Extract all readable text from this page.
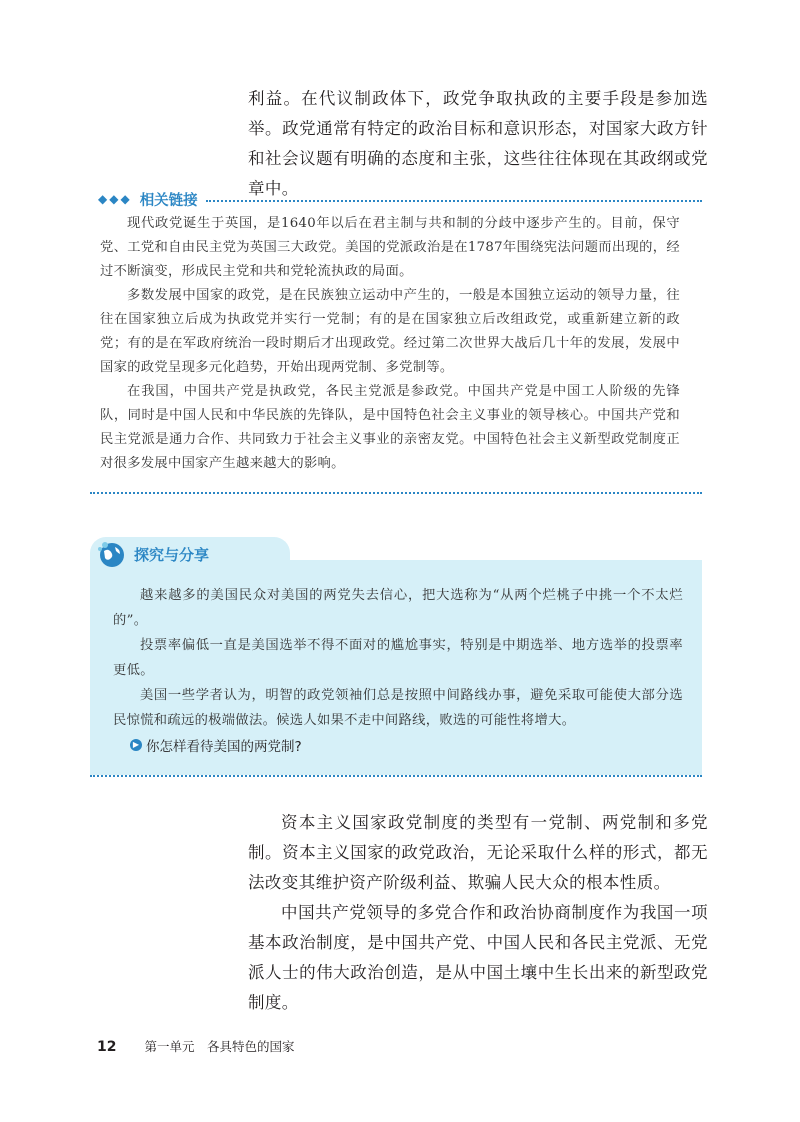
利益。在代议制政体下，政党争取执政的主要手段是参加选举。政党通常有特定的政治目标和意识形态，对国家大政方针和社会议题有明确的态度和主张，这些往往体现在其政纲或党章中。
◆◆◆ 相关链接

现代政党诞生于英国，是1640年以后在君主制与共和制的分歧中逐步产生的。目前，保守党、工党和自由民主党为英国三大政党。美国的党派政治是在1787年围绕宪法问题而出现的，经过不断演变，形成民主党和共和党轮流执政的局面。

多数发展中国家的政党，是在民族独立运动中产生的，一般是本国独立运动的领导力量，往往在国家独立后成为执政党并实行一党制；有的是在国家独立后改组政党，或重新建立新的政党；有的是在军政府统治一段时期后才出现政党。经过第二次世界大战后几十年的发展，发展中国家的政党呈现多元化趋势，开始出现两党制、多党制等。

在我国，中国共产党是执政党，各民主党派是参政党。中国共产党是中国工人阶级的先锋队，同时是中国人民和中华民族的先锋队，是中国特色社会主义事业的领导核心。中国共产党和民主党派是通力合作、共同致力于社会主义事业的亲密友党。中国特色社会主义新型政党制度正对很多发展中国家产生越来越大的影响。

探究与分享

越来越多的美国民众对美国的两党失去信心，把大选称为“从两个烂桃子中挑一个不太烂的”。

投票率偏低一直是美国选举不得不面对的尴尬事实，特别是中期选举、地方选举的投票率更低。

美国一些学者认为，明智的政党领袖们总是按照中间路线办事，避免采取可能使大部分选民惊慌和疏远的极端做法。候选人如果不走中间路线，败选的可能性将增大。

▶ 你怎样看待美国的两党制?

资本主义国家政党制度的类型有一党制、两党制和多党制。资本主义国家的政党政治，无论采取什么样的形式，都无法改变其维护资产阶级利益、欺骗人民大众的根本性质。

中国共产党领导的多党合作和政治协商制度作为我国一项基本政治制度，是中国共产党、中国人民和各民主党派、无党派人士的伟大政治创造，是从中国土壤中生长出来的新型政党制度。

12 第一单元　各具特色的国家
